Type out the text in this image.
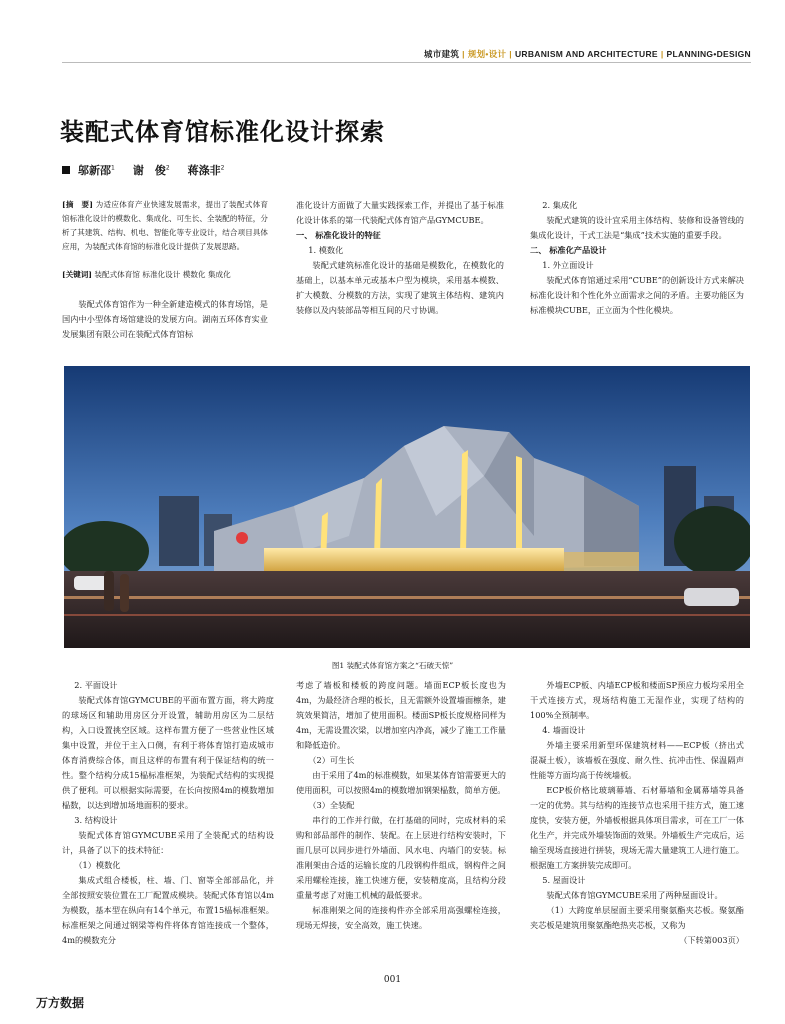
城市建筑 | 规划•设计 | URBANISM AND ARCHITECTURE | PLANNING•DESIGN
装配式体育馆标准化设计探索
邬新邵$^1$ 谢　俊$^2$ 蒋涤非$^2$
[摘　要] 为适应体育产业快速发展需求，提出了装配式体育馆标准化设计的模数化、集成化、可生长、全装配的特征，分析了其建筑、结构、机电、智能化等专业设计，结合项目具体应用，为装配式体育馆的标准化设计提供了发展思路。
[关键词] 装配式体育馆 标准化设计 模数化 集成化

装配式体育馆作为一种全新建造模式的体育场馆，是国内中小型体育场馆建设的发展方向。湖南五环体育实业发展集团有限公司在装配式体育馆标

准化设计方面做了大量实践探索工作，并提出了基于标准化设计体系的第一代装配式体育馆产品GYMCUBE。

一、 标准化设计的特征

1. 模数化

装配式建筑标准化设计的基础是模数化，在模数化的基础上，以基本单元或基本户型为模块，采用基本模数、扩大模数、分模数的方法，实现了建筑主体结构、建筑内装修以及内装部品等相互间的尺寸协调。

2. 集成化

装配式建筑的设计宜采用主体结构、装修和设备管线的集成化设计，干式工法是“集成”技术实施的重要手段。

二、 标准化产品设计

1. 外立面设计

装配式体育馆通过采用“CUBE”的创新设计方式来解决标准化设计和个性化外立面需求之间的矛盾。主要功能区为标准模块CUBE，正立面为个性化模块。

图1 装配式体育馆方案之“石破天惊”

2. 平面设计

装配式体育馆GYMCUBE的平面布置方面，将大跨度的球场区和辅助用房区分开设置，辅助用房区为二层结构，入口设置挑空区域。这样布置方便了一些营业性区域集中设置，并位于主入口侧，有利于将体育馆打造成城市体育消费综合体，而且这样的布置有利于保证结构的统一性。整个结构分成15榀标准框架，为装配式结构的实现提供了便利。可以根据实际需要，在长向按照4m的模数增加榀数，以达到增加场地面积的要求。

3. 结构设计

装配式体育馆GYMCUBE采用了全装配式的结构设计，具备了以下的技术特征：

（1）模数化

集成式组合楼板，柱、墙、门、窗等全部部品化，并全部按照安装位置在工厂配置成模块。装配式体育馆以4m为模数，基本型在纵向有14个单元，布置15榀标准框架。标准框架之间通过钢梁等构件将体育馆连接成一个整体，4m的模数充分

考虑了墙板和楼板的跨度问题。墙面ECP板长度也为4m，为最经济合理的板长，且无需额外设置墙面檩条，建筑效果简洁，增加了使用面积。楼面SP板长度规格同样为4m，无需设置次梁，以增加室内净高，减少了施工工作量和降低造价。

（2）可生长

由于采用了4m的标准模数，如果某体育馆需要更大的使用面积，可以按照4m的模数增加钢架榀数，简单方便。

（3）全装配

串行的工作并行做，在打基础的同时，完成材料的采购和部品部件的制作、装配。在上层进行结构安装时，下面几层可以同步进行外墙面、风水电、内墙门的安装。标准刚架由合适的运输长度的几段钢构件组成，钢构件之间采用螺栓连接，施工快速方便，安装精度高，且结构分段重量考虑了对施工机械的最低要求。

标准刚架之间的连接构件亦全部采用高强螺栓连接，现场无焊接，安全高效，施工快速。

外墙ECP板、内墙ECP板和楼面SP预应力板均采用全干式连接方式，现场结构施工无湿作业，实现了结构的100%全预制率。

4. 墙面设计

外墙主要采用新型环保建筑材料——ECP板（挤出式混凝土板），该墙板在强度、耐久性、抗冲击性、保温隔声性能等方面均高于传统墙板。

ECP板价格比玻璃幕墙、石材幕墙和金属幕墙等具备一定的优势。其与结构的连接节点也采用干挂方式，施工速度快，安装方便，外墙板根据具体项目需求，可在工厂一体化生产，并完成外墙装饰面的效果。外墙板生产完成后，运输至现场直接进行拼装，现场无需大量建筑工人进行施工。根据施工方案拼装完成即可。

5. 屋面设计

装配式体育馆GYMCUBE采用了两种屋面设计。

（1）大跨度单层屋面主要采用聚氨酯夹芯板。聚氨酯夹芯板是建筑用聚氨酯绝热夹芯板，又称为

（下转第003页）

001
万方数据
